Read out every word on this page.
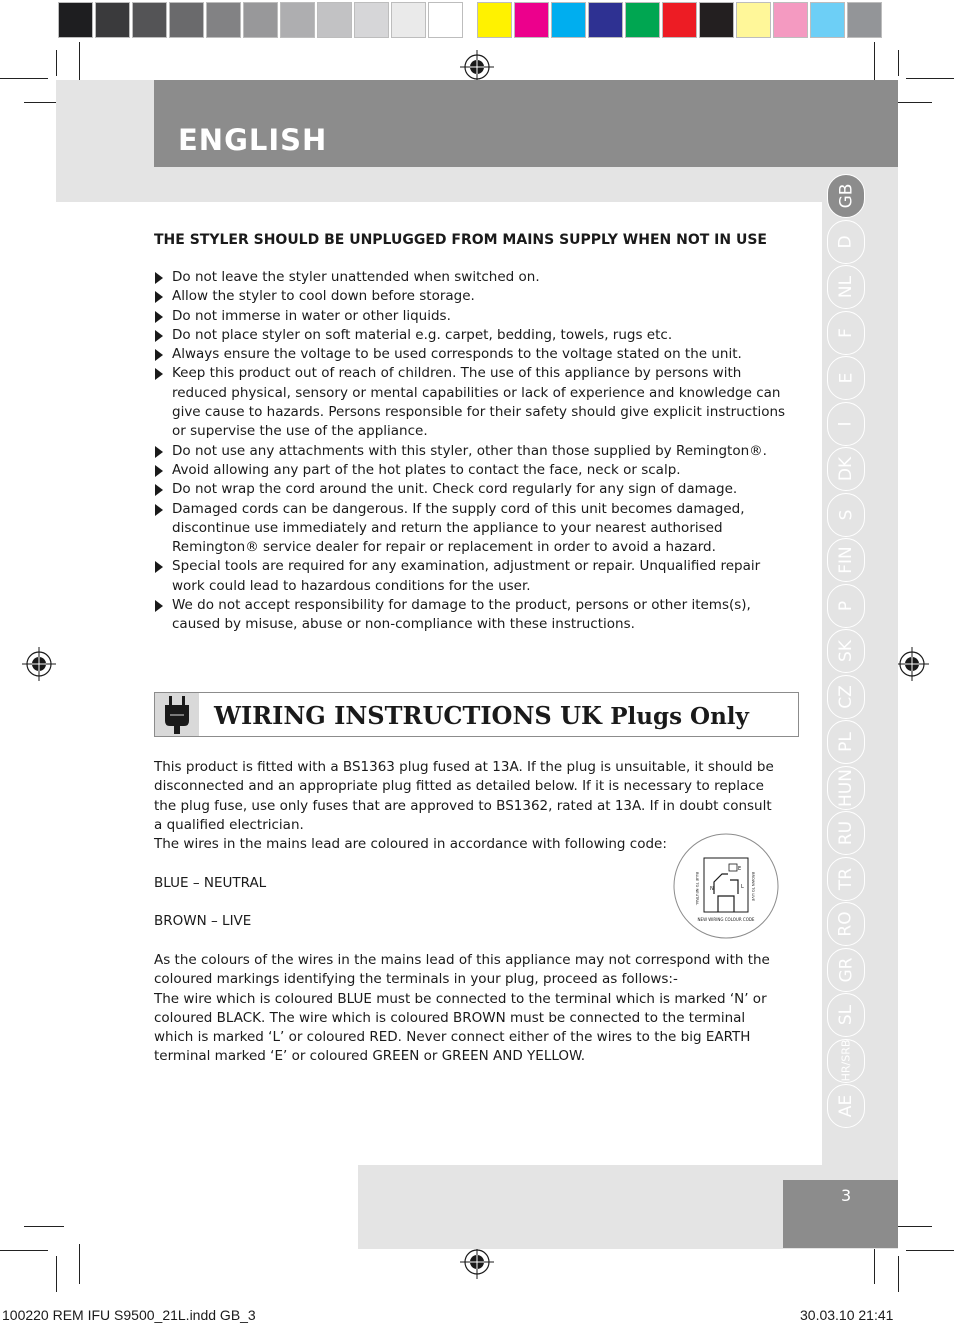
ENGLISH
GB
D
NL
F
E
I
DK
S
FIN
P
SK
CZ
PL
HUN
RU
TR
RO
GR
SL
HR/SRB
AE
THE STYLER SHOULD BE UNPLUGGED FROM MAINS SUPPLY WHEN NOT IN USE
Do not leave the styler unattended when switched on.
Allow the styler to cool down before storage.
Do not immerse in water or other liquids.
Do not place styler on soft material e.g. carpet, bedding, towels, rugs etc.
Always ensure the voltage to be used corresponds to the voltage stated on the unit.
Keep this product out of reach of children. The use of this appliance by persons with reduced physical, sensory or mental capabilities or lack of experience and knowledge can give cause to hazards. Persons responsible for their safety should give explicit instructions or supervise the use of the appliance.
Do not use any attachments with this styler, other than those supplied by Remington®.
Avoid allowing any part of the hot plates to contact the face, neck or scalp.
Do not wrap the cord around the unit. Check cord regularly for any sign of damage.
Damaged cords can be dangerous. If the supply cord of this unit becomes damaged, discontinue use immediately and return the appliance to your nearest authorised Remington® service dealer for repair or replacement in order to avoid a hazard.
Special tools are required for any examination, adjustment or repair. Unqualified repair work could lead to hazardous conditions for the user.
We do not accept responsibility for damage to the product, persons or other items(s), caused by misuse, abuse or non-compliance with these instructions.
WIRING INSTRUCTIONS UK Plugs Only

This product is fitted with a BS1363 plug fused at 13A. If the plug is unsuitable, it should be disconnected and an appropriate plug fitted as detailed below. If it is necessary to replace the plug fuse, use only fuses that are approved to BS1362, rated at 13A. If in doubt consult a qualified electrician.

The wires in the mains lead are coloured in accordance with following code:

BLUE – NEUTRAL

BROWN – LIVE

As the colours of the wires in the mains lead of this appliance may not correspond with the coloured markings identifying the terminals in your plug, proceed as follows:-

The wire which is coloured BLUE must be connected to the terminal which is marked ‘N’ or coloured BLACK. The wire which is coloured BROWN must be connected to the terminal which is marked ‘L’ or coloured RED. Never connect either of the wires to the big EARTH terminal marked ‘E’ or coloured GREEN or GREEN AND YELLOW.

E
N	L
BLUE TO NEUTRAL	BROWN TO LIVE
NEW WIRING COLOUR CODE
3
100220 REM IFU S9500_21L.indd GB_3	30.03.10 21:41
